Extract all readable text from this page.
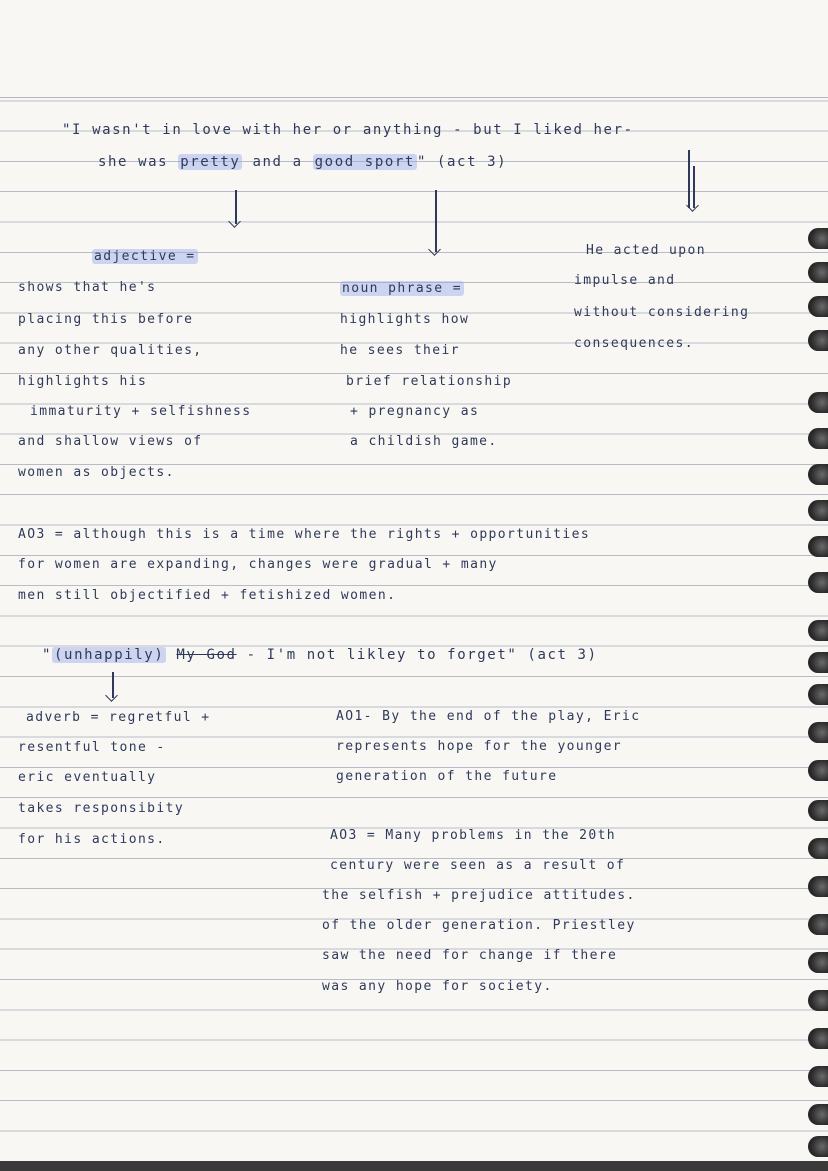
"I wasn't in love with her or anything - but I liked her-
she was pretty and a good sport " (act 3)
adjective =
shows that he's
placing this before
any other qualities,
highlights his
immaturity + selfishness
and shallow views of
women as objects.
noun phrase =
highlights how
he sees their
brief relationship
+ pregnancy as
a childish game.
He acted upon
impulse and
without considering
consequences.
AO3 = although this is a time where the rights + opportunities
for women are expanding, changes were gradual + many
men still objectified + fetishized women.
" (unhappily) My God - I'm not likley to forget" (act 3)
adverb = regretful +
resentful tone -
eric eventually
takes responsibity
for his actions.
AO1- By the end of the play, Eric
represents hope for the younger
generation of the future
AO3 = Many problems in the 20th
century were seen as a result of
the selfish + prejudice attitudes.
of the older generation. Priestley
saw the need for change if there
was any hope for society.
